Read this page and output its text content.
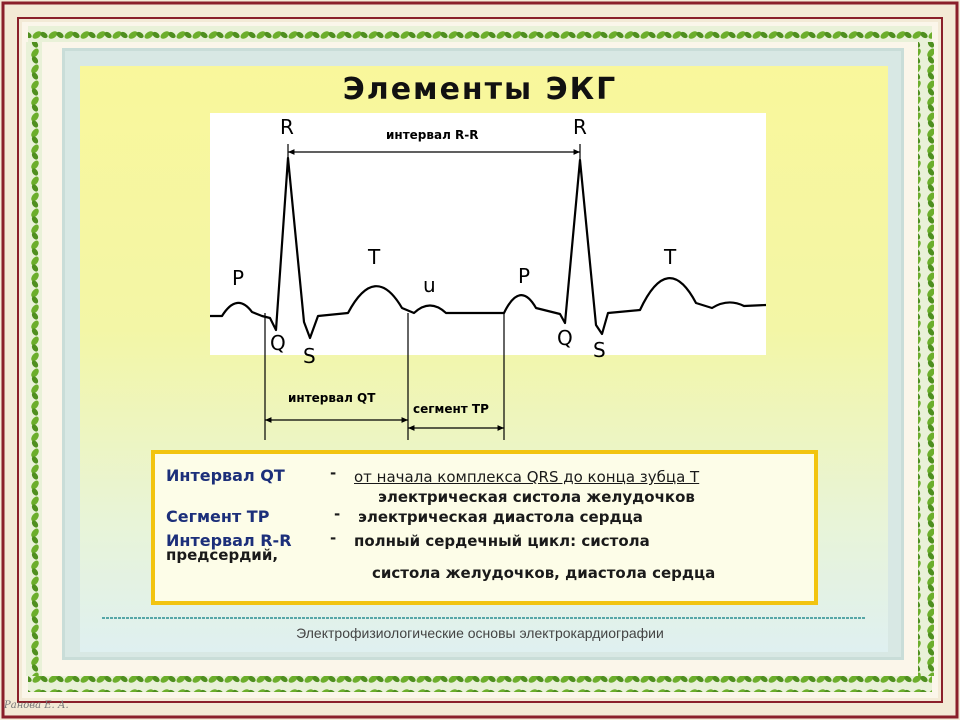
Элементы ЭКГ
R	R
P	P
T	T
u
Q	Q
S	S
интервал R-R
интервал QT
сегмент TP
Интервал QT	- от начала комплекса QRS до конца зубца Т
электрическая систола желудочков
Сегмент ТР	- электрическая диастола сердца
Интервал R-R	- полный сердечный цикл: систола
предсердий,
систола желудочков, диастола сердца
Электрофизиологические основы электрокардиографии
Ранова Е. А.
